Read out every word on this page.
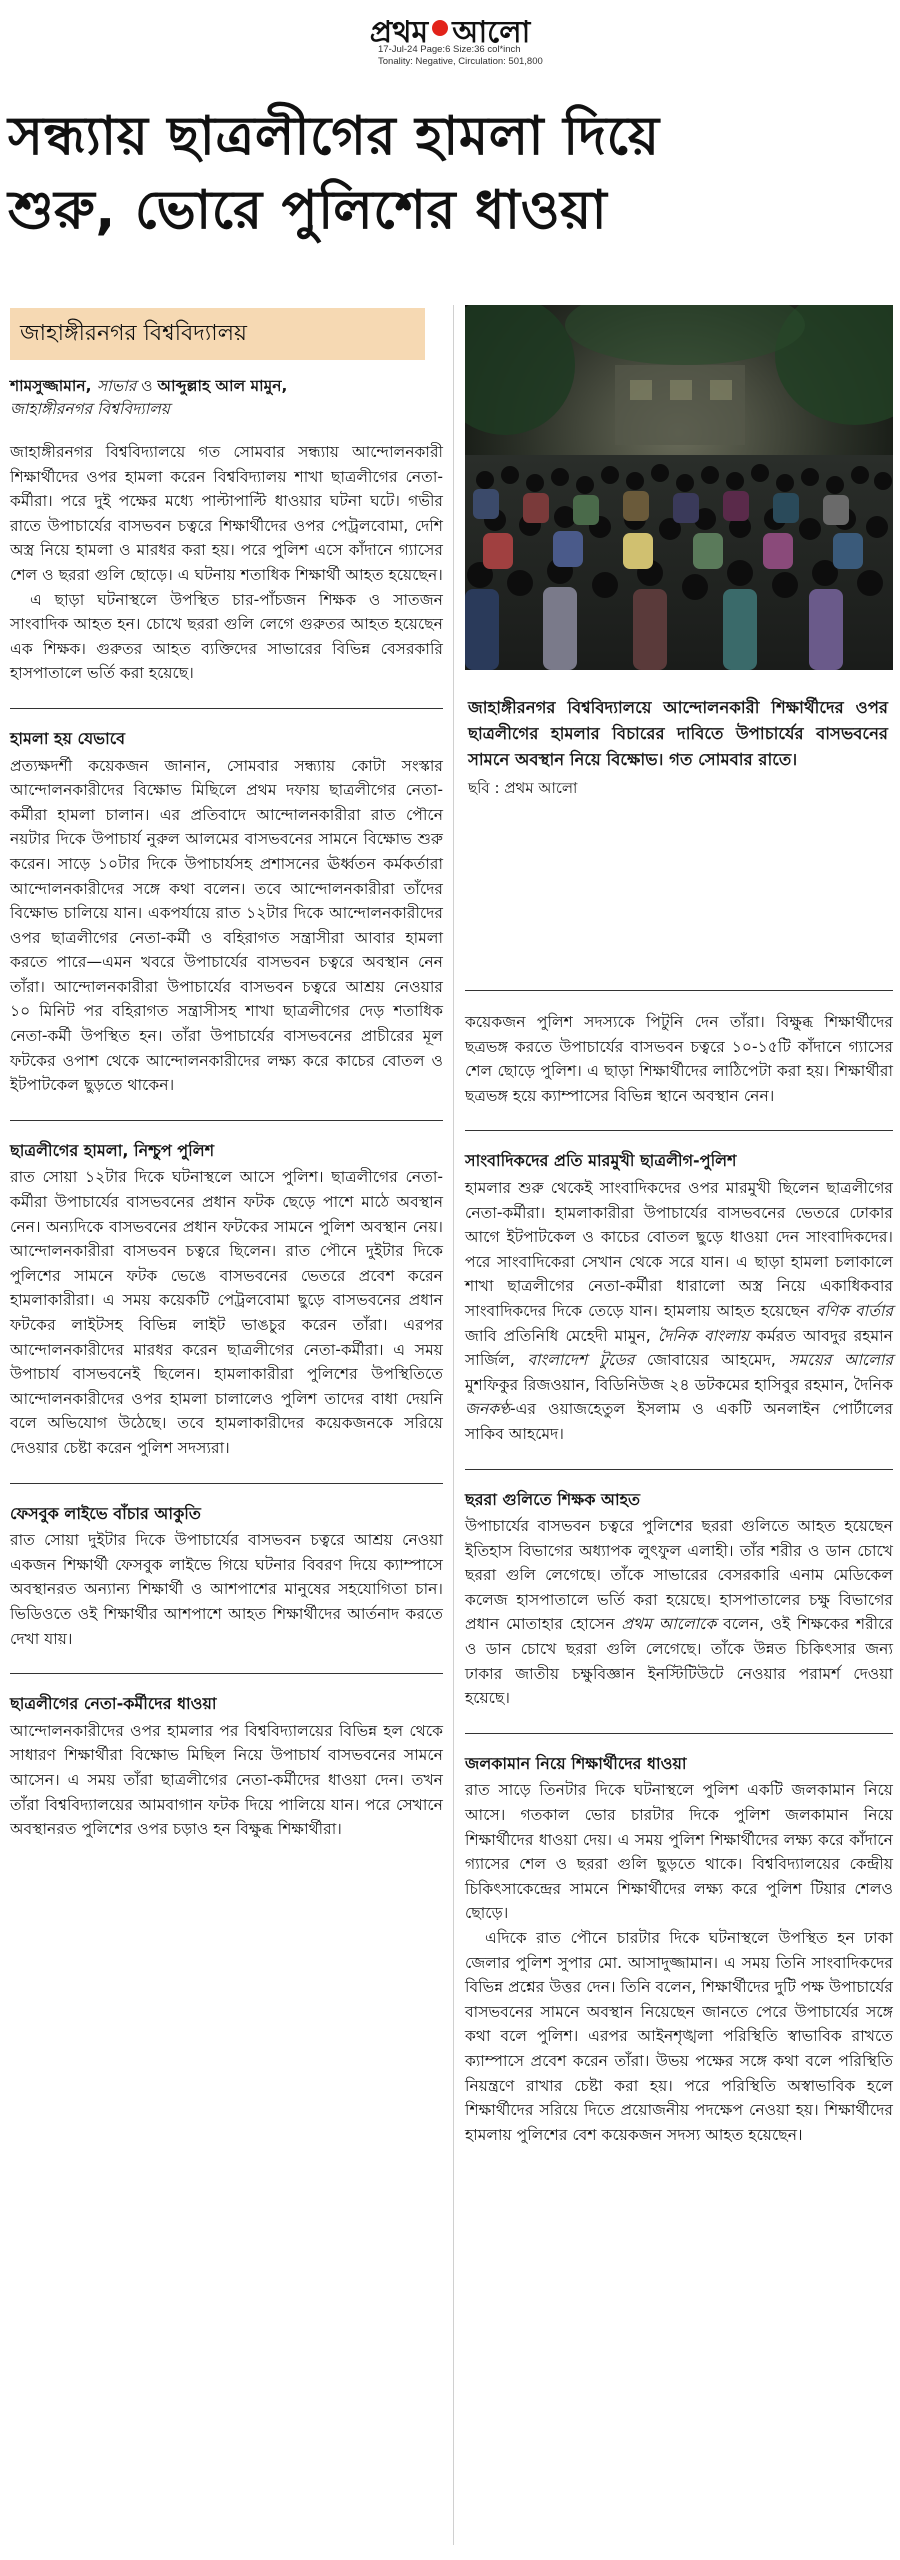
প্রথম আলো
17-Jul-24 Page:6 Size:36 col*inch
Tonality: Negative, Circulation: 501,800
সন্ধ্যায় ছাত্রলীগের হামলা দিয়ে
শুরু, ভোরে পুলিশের ধাওয়া
জাহাঙ্গীরনগর বিশ্ববিদ্যালয়
শামসুজ্জামান, সাভার ও আব্দুল্লাহ আল মামুন,
জাহাঙ্গীরনগর বিশ্ববিদ্যালয়
জাহাঙ্গীরনগর বিশ্ববিদ্যালয়ে আন্দোলনকারী শিক্ষার্থীদের ওপর ছাত্রলীগের হামলার বিচারের দাবিতে উপাচার্যের বাসভবনের সামনে অবস্থান নিয়ে বিক্ষোভ। গত সোমবার রাতে।
ছবি : প্রথম আলো

জাহাঙ্গীরনগর বিশ্ববিদ্যালয়ে গত সোমবার সন্ধ্যায় আন্দোলনকারী শিক্ষার্থীদের ওপর হামলা করেন বিশ্ববিদ্যালয় শাখা ছাত্রলীগের নেতা-কর্মীরা। পরে দুই পক্ষের মধ্যে পাল্টাপাল্টি ধাওয়ার ঘটনা ঘটে। গভীর রাতে উপাচার্যের বাসভবন চত্বরে শিক্ষার্থীদের ওপর পেট্রলবোমা, দেশি অস্ত্র নিয়ে হামলা ও মারধর করা হয়। পরে পুলিশ এসে কাঁদানে গ্যাসের শেল ও ছররা গুলি ছোড়ে। এ ঘটনায় শতাধিক শিক্ষার্থী আহত হয়েছেন।

এ ছাড়া ঘটনাস্থলে উপস্থিত চার-পাঁচজন শিক্ষক ও সাতজন সাংবাদিক আহত হন। চোখে ছররা গুলি লেগে গুরুতর আহত হয়েছেন এক শিক্ষক। গুরুতর আহত ব্যক্তিদের সাভারের বিভিন্ন বেসরকারি হাসপাতালে ভর্তি করা হয়েছে।

হামলা হয় যেভাবে

প্রত্যক্ষদর্শী কয়েকজন জানান, সোমবার সন্ধ্যায় কোটা সংস্কার আন্দোলনকারীদের বিক্ষোভ মিছিলে প্রথম দফায় ছাত্রলীগের নেতা-কর্মীরা হামলা চালান। এর প্রতিবাদে আন্দোলনকারীরা রাত পৌনে নয়টার দিকে উপাচার্য নুরুল আলমের বাসভবনের সামনে বিক্ষোভ শুরু করেন। সাড়ে ১০টার দিকে উপাচার্যসহ প্রশাসনের ঊর্ধ্বতন কর্মকর্তারা আন্দোলনকারীদের সঙ্গে কথা বলেন। তবে আন্দোলনকারীরা তাঁদের বিক্ষোভ চালিয়ে যান। একপর্যায়ে রাত ১২টার দিকে আন্দোলনকারীদের ওপর ছাত্রলীগের নেতা-কর্মী ও বহিরাগত সন্ত্রাসীরা আবার হামলা করতে পারে—এমন খবরে উপাচার্যের বাসভবন চত্বরে অবস্থান নেন তাঁরা। আন্দোলনকারীরা উপাচার্যের বাসভবন চত্বরে আশ্রয় নেওয়ার ১০ মিনিট পর বহিরাগত সন্ত্রাসীসহ শাখা ছাত্রলীগের দেড় শতাধিক নেতা-কর্মী উপস্থিত হন। তাঁরা উপাচার্যের বাসভবনের প্রাচীরের মূল ফটকের ওপাশ থেকে আন্দোলনকারীদের লক্ষ্য করে কাচের বোতল ও ইটপাটকেল ছুড়তে থাকেন।

ছাত্রলীগের হামলা, নিশ্চুপ পুলিশ

রাত সোয়া ১২টার দিকে ঘটনাস্থলে আসে পুলিশ। ছাত্রলীগের নেতা-কর্মীরা উপাচার্যের বাসভবনের প্রধান ফটক ছেড়ে পাশে মাঠে অবস্থান নেন। অন্যদিকে বাসভবনের প্রধান ফটকের সামনে পুলিশ অবস্থান নেয়। আন্দোলনকারীরা বাসভবন চত্বরে ছিলেন। রাত পৌনে দুইটার দিকে পুলিশের সামনে ফটক ভেঙে বাসভবনের ভেতরে প্রবেশ করেন হামলাকারীরা। এ সময় কয়েকটি পেট্রলবোমা ছুড়ে বাসভবনের প্রধান ফটকের লাইটসহ বিভিন্ন লাইট ভাঙচুর করেন তাঁরা। এরপর আন্দোলনকারীদের মারধর করেন ছাত্রলীগের নেতা-কর্মীরা। এ সময় উপাচার্য বাসভবনেই ছিলেন। হামলাকারীরা পুলিশের উপস্থিতিতে আন্দোলনকারীদের ওপর হামলা চালালেও পুলিশ তাদের বাধা দেয়নি বলে অভিযোগ উঠেছে। তবে হামলাকারীদের কয়েকজনকে সরিয়ে দেওয়ার চেষ্টা করেন পুলিশ সদস্যরা।

ফেসবুক লাইভে বাঁচার আকুতি

রাত সোয়া দুইটার দিকে উপাচার্যের বাসভবন চত্বরে আশ্রয় নেওয়া একজন শিক্ষার্থী ফেসবুক লাইভে গিয়ে ঘটনার বিবরণ দিয়ে ক্যাম্পাসে অবস্থানরত অন্যান্য শিক্ষার্থী ও আশপাশের মানুষের সহযোগিতা চান। ভিডিওতে ওই শিক্ষার্থীর আশপাশে আহত শিক্ষার্থীদের আর্তনাদ করতে দেখা যায়।

ছাত্রলীগের নেতা-কর্মীদের ধাওয়া

আন্দোলনকারীদের ওপর হামলার পর বিশ্ববিদ্যালয়ের বিভিন্ন হল থেকে সাধারণ শিক্ষার্থীরা বিক্ষোভ মিছিল নিয়ে উপাচার্য বাসভবনের সামনে আসেন। এ সময় তাঁরা ছাত্রলীগের নেতা-কর্মীদের ধাওয়া দেন। তখন তাঁরা বিশ্ববিদ্যালয়ের আমবাগান ফটক দিয়ে পালিয়ে যান। পরে সেখানে অবস্থানরত পুলিশের ওপর চড়াও হন বিক্ষুব্ধ শিক্ষার্থীরা।

কয়েকজন পুলিশ সদস্যকে পিটুনি দেন তাঁরা। বিক্ষুব্ধ শিক্ষার্থীদের ছত্রভঙ্গ করতে উপাচার্যের বাসভবন চত্বরে ১০-১৫টি কাঁদানে গ্যাসের শেল ছোড়ে পুলিশ। এ ছাড়া শিক্ষার্থীদের লাঠিপেটা করা হয়। শিক্ষার্থীরা ছত্রভঙ্গ হয়ে ক্যাম্পাসের বিভিন্ন স্থানে অবস্থান নেন।

সাংবাদিকদের প্রতি মারমুখী ছাত্রলীগ-পুলিশ

হামলার শুরু থেকেই সাংবাদিকদের ওপর মারমুখী ছিলেন ছাত্রলীগের নেতা-কর্মীরা। হামলাকারীরা উপাচার্যের বাসভবনের ভেতরে ঢোকার আগে ইটপাটকেল ও কাচের বোতল ছুড়ে ধাওয়া দেন সাংবাদিকদের। পরে সাংবাদিকেরা সেখান থেকে সরে যান। এ ছাড়া হামলা চলাকালে শাখা ছাত্রলীগের নেতা-কর্মীরা ধারালো অস্ত্র নিয়ে একাধিকবার সাংবাদিকদের দিকে তেড়ে যান। হামলায় আহত হয়েছেন বণিক বার্তার জাবি প্রতিনিধি মেহেদী মামুন, দৈনিক বাংলায় কর্মরত আবদুর রহমান সার্জিল, বাংলাদেশ টুডের জোবায়ের আহমেদ, সময়ের আলোর মুশফিকুর রিজওয়ান, বিডিনিউজ ২৪ ডটকমের হাসিবুর রহমান, দৈনিক জনকণ্ঠ-এর ওয়াজহেতুল ইসলাম ও একটি অনলাইন পোর্টালের সাকিব আহমেদ।

ছররা গুলিতে শিক্ষক আহত

উপাচার্যের বাসভবন চত্বরে পুলিশের ছররা গুলিতে আহত হয়েছেন ইতিহাস বিভাগের অধ্যাপক লুৎফুল এলাহী। তাঁর শরীর ও ডান চোখে ছররা গুলি লেগেছে। তাঁকে সাভারের বেসরকারি এনাম মেডিকেল কলেজ হাসপাতালে ভর্তি করা হয়েছে। হাসপাতালের চক্ষু বিভাগের প্রধান মোতাহার হোসেন প্রথম আলোকে বলেন, ওই শিক্ষকের শরীরে ও ডান চোখে ছররা গুলি লেগেছে। তাঁকে উন্নত চিকিৎসার জন্য ঢাকার জাতীয় চক্ষুবিজ্ঞান ইনস্টিটিউটে নেওয়ার পরামর্শ দেওয়া হয়েছে।

জলকামান নিয়ে শিক্ষার্থীদের ধাওয়া

রাত সাড়ে তিনটার দিকে ঘটনাস্থলে পুলিশ একটি জলকামান নিয়ে আসে। গতকাল ভোর চারটার দিকে পুলিশ জলকামান নিয়ে শিক্ষার্থীদের ধাওয়া দেয়। এ সময় পুলিশ শিক্ষার্থীদের লক্ষ্য করে কাঁদানে গ্যাসের শেল ও ছররা গুলি ছুড়তে থাকে। বিশ্ববিদ্যালয়ের কেন্দ্রীয় চিকিৎসাকেন্দ্রের সামনে শিক্ষার্থীদের লক্ষ্য করে পুলিশ টিয়ার শেলও ছোড়ে।

এদিকে রাত পৌনে চারটার দিকে ঘটনাস্থলে উপস্থিত হন ঢাকা জেলার পুলিশ সুপার মো. আসাদুজ্জামান। এ সময় তিনি সাংবাদিকদের বিভিন্ন প্রশ্নের উত্তর দেন। তিনি বলেন, শিক্ষার্থীদের দুটি পক্ষ উপাচার্যের বাসভবনের সামনে অবস্থান নিয়েছেন জানতে পেরে উপাচার্যের সঙ্গে কথা বলে পুলিশ। এরপর আইনশৃঙ্খলা পরিস্থিতি স্বাভাবিক রাখতে ক্যাম্পাসে প্রবেশ করেন তাঁরা। উভয় পক্ষের সঙ্গে কথা বলে পরিস্থিতি নিয়ন্ত্রণে রাখার চেষ্টা করা হয়। পরে পরিস্থিতি অস্বাভাবিক হলে শিক্ষার্থীদের সরিয়ে দিতে প্রয়োজনীয় পদক্ষেপ নেওয়া হয়। শিক্ষার্থীদের হামলায় পুলিশের বেশ কয়েকজন সদস্য আহত হয়েছেন।
